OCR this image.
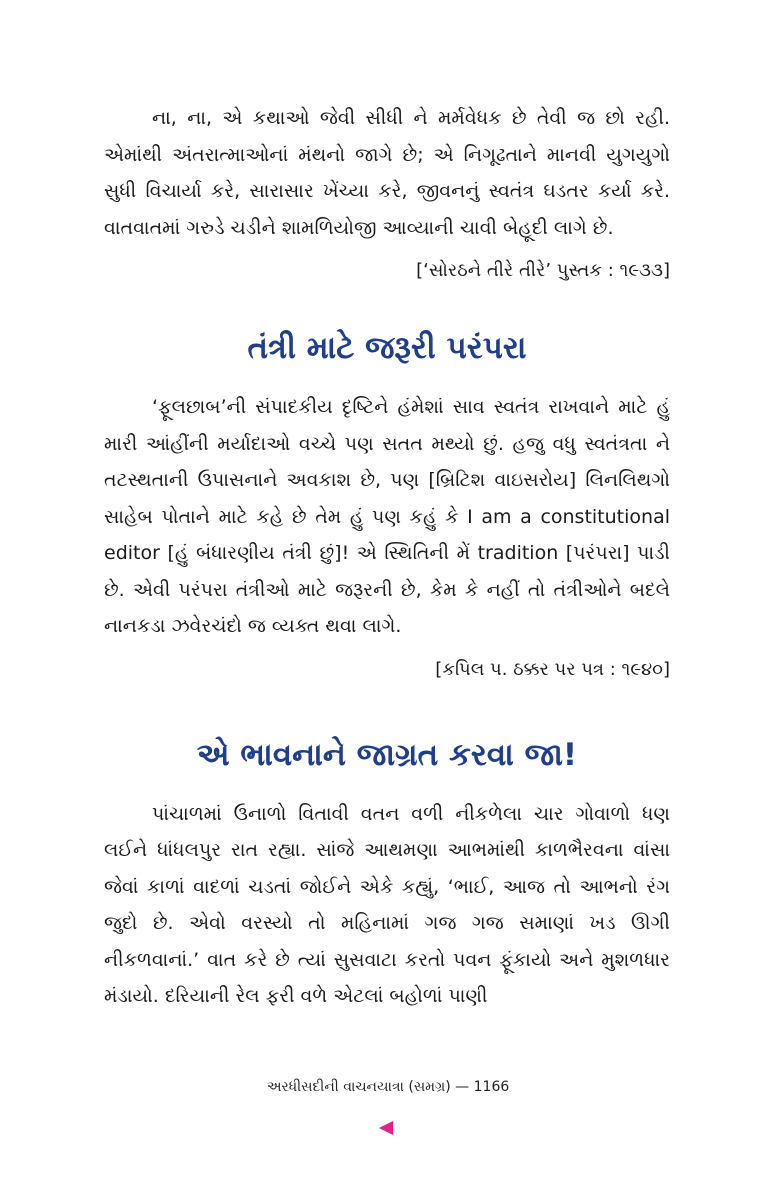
ના, ના, એ કથાઓ જેવી સીધી ને મર્મવેધક છે તેવી જ છો રહી. એમાંથી અંતરાત્માઓનાં મંથનો જાગે છે; એ નિગૂઢતાને માનવી યુગયુગો સુધી વિચાર્યા કરે, સારાસાર ખેંચ્યા કરે, જીવનનું સ્વતંત્ર ઘડતર કર્યા કરે. વાતવાતમાં ગરુડે ચડીને શામળિયોજી આવ્યાની ચાવી બેહૂદી લાગે છે.

[‘સોરઠને તીરે તીરે’ પુસ્તક : ૧૯૩૩]

તંત્રી માટે જરૂરી પરંપરા

‘ફૂલછાબ’ની સંપાદકીય દૃષ્ટિને હંમેશાં સાવ સ્વતંત્ર રાખવાને માટે હું મારી આંહીંની મર્યાદાઓ વચ્ચે પણ સતત મથ્યો છું. હજુ વધુ સ્વતંત્રતા ને તટસ્થતાની ઉપાસનાને અવકાશ છે, પણ [બ્રિટિશ વાઇસરોય] લિનલિથગો સાહેબ પોતાને માટે કહે છે તેમ હું પણ કહું કે I am a constitutional editor [હું બંધારણીય તંત્રી છું]! એ સ્થિતિની મેં tradition [પરંપરા] પાડી છે. એવી પરંપરા તંત્રીઓ માટે જરૂરની છે, કેમ કે નહીં તો તંત્રીઓને બદલે નાનકડા ઝવેરચંદો જ વ્યક્ત થવા લાગે.

[કપિલ પ. ઠક્કર પર પત્ર : ૧૯૪૦]

એ ભાવનાને જાગ્રત કરવા જા!

પાંચાળમાં ઉનાળો વિતાવી વતન વળી નીકળેલા ચાર ગોવાળો ધણ લઈને ધાંધલપુર રાત રહ્યા. સાંજે આથમણા આભમાંથી કાળભૈરવના વાંસા જેવાં કાળાં વાદળાં ચડતાં જોઈને એકે કહ્યું, ‘ભાઈ, આજ તો આભનો રંગ જુદો છે. એવો વરસ્યો તો મહિનામાં ગજ ગજ સમાણાં ખડ ઊગી નીકળવાનાં.’ વાત કરે છે ત્યાં સુસવાટા કરતો પવન ફૂંકાયો અને મુશળધાર મંડાયો. દરિયાની રેલ ફરી વળે એટલાં બહોળાં પાણી

અરધીસદીની વાચનયાત્રા (સમગ્ર) — 1166
